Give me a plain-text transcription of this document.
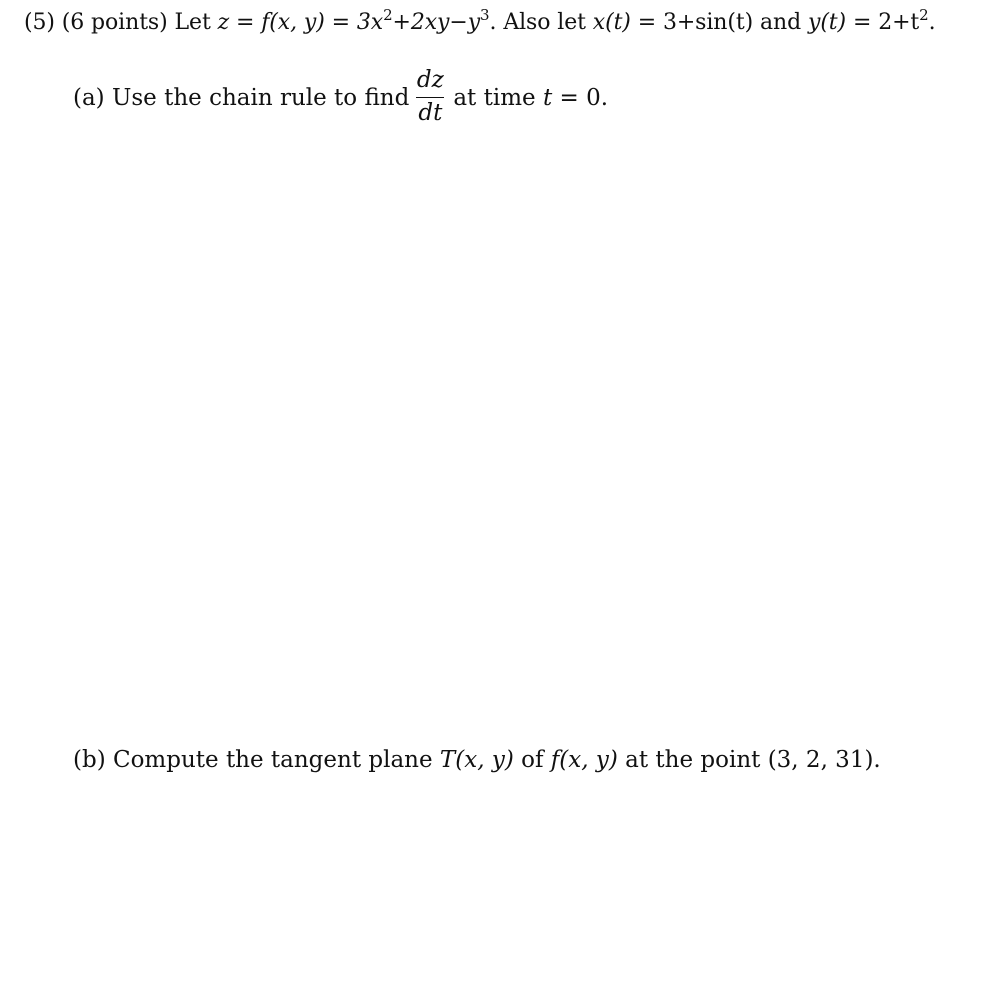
(5) (6 points) Let z = f(x, $y) = 3x^2+2xy-y^3$. Also let x(t) = 3+sin(t) and $y(t) = 2+t^2$.
(a) Use the chain rule to find $\frac{dz}{dt}$ at time t = 0.
(b) Compute the tangent plane T(x, y) of f(x, y) at the point (3, 2, 31).
